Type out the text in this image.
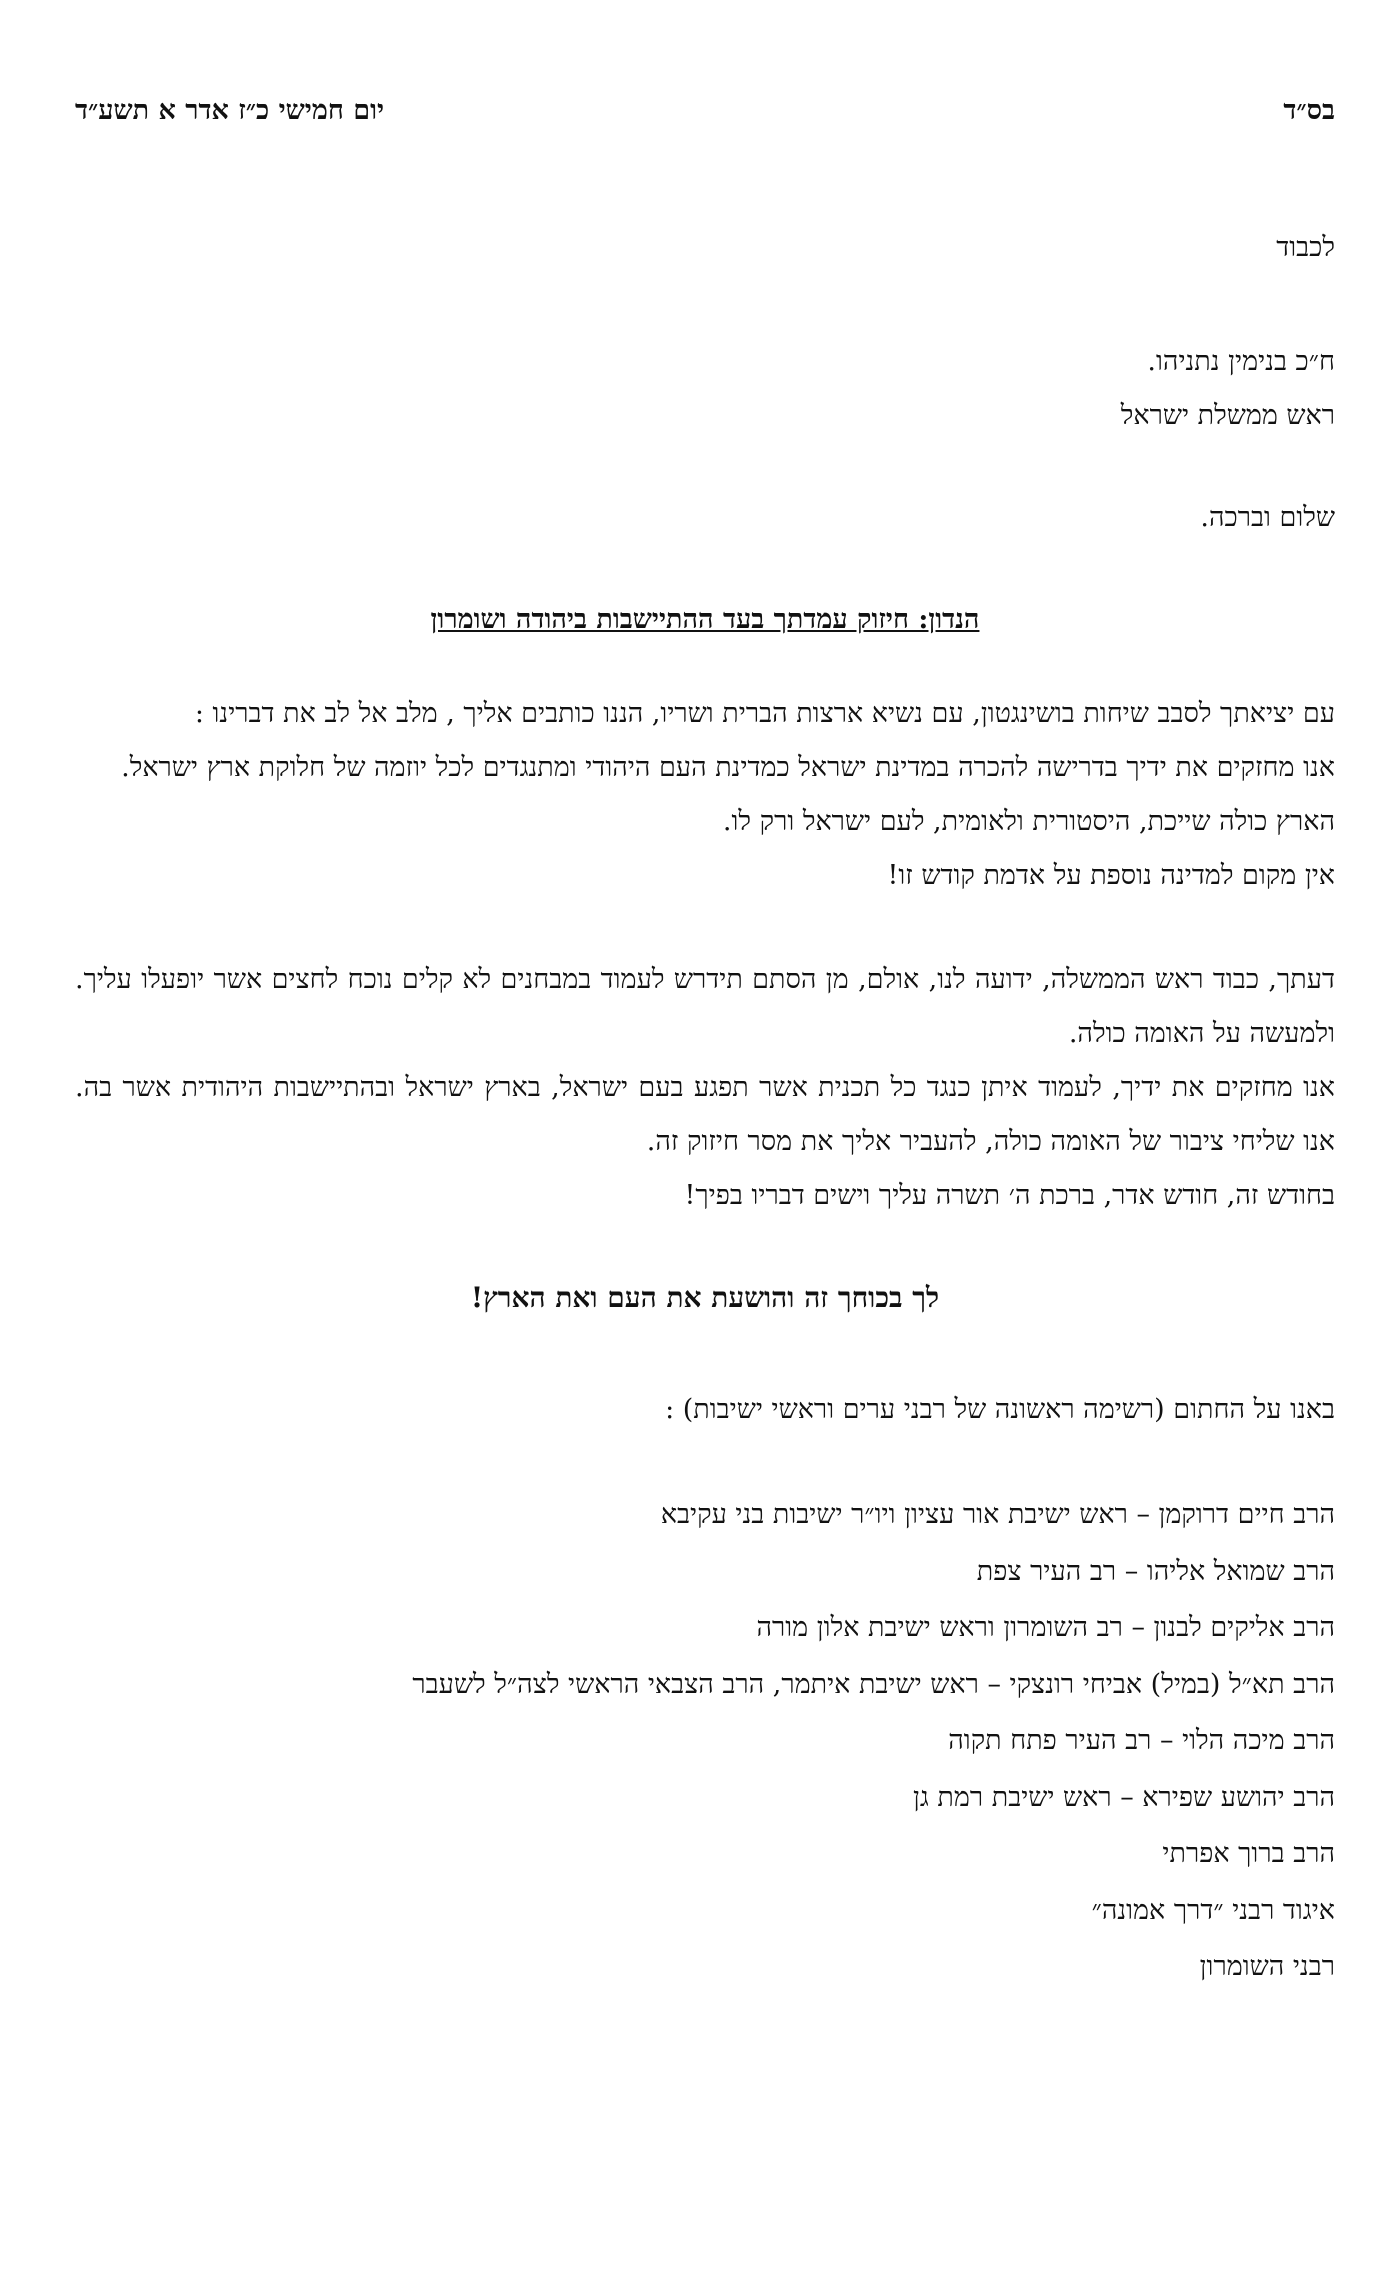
בס״ד
יום חמישי כ״ז אדר א תשע״ד
לכבוד
ח״כ בנימין נתניהו.
ראש ממשלת ישראל
שלום וברכה.
הנדון: חיזוק עמדתך בעד ההתיישבות ביהודה ושומרון

עם יציאתך לסבב שיחות בושינגטון, עם נשיא ארצות הברית ושריו, הננו כותבים אליך , מלב אל לב את דברינו :

אנו מחזקים את ידיך בדרישה להכרה במדינת ישראל כמדינת העם היהודי ומתנגדים לכל יוזמה של חלוקת ארץ ישראל.

הארץ כולה שייכת, היסטורית ולאומית, לעם ישראל ורק לו.

אין מקום למדינה נוספת על אדמת קודש זו!

דעתך, כבוד ראש הממשלה, ידועה לנו, אולם, מן הסתם תידרש לעמוד במבחנים לא קלים נוכח לחצים אשר יופעלו עליך. ולמעשה על האומה כולה.

אנו מחזקים את ידיך, לעמוד איתן כנגד כל תכנית אשר תפגע בעם ישראל, בארץ ישראל ובהתיישבות היהודית אשר בה. אנו שליחי ציבור של האומה כולה, להעביר אליך את מסר חיזוק זה.

בחודש זה, חודש אדר, ברכת ה׳ תשרה עליך וישים דבריו בפיך!

לך בכוחך זה והושעת את העם ואת הארץ!
באנו על החתום (רשימה ראשונה של רבני ערים וראשי ישיבות) :
הרב חיים דרוקמן – ראש ישיבת אור עציון ויו״ר ישיבות בני עקיבא
הרב שמואל אליהו – רב העיר צפת
הרב אליקים לבנון – רב השומרון וראש ישיבת אלון מורה
הרב תא״ל (במיל) אביחי רונצקי – ראש ישיבת איתמר, הרב הצבאי הראשי לצה״ל לשעבר
הרב מיכה הלוי – רב העיר פתח תקוה
הרב יהושע שפירא – ראש ישיבת רמת גן
הרב ברוך אפרתי
איגוד רבני ״דרך אמונה״
רבני השומרון
